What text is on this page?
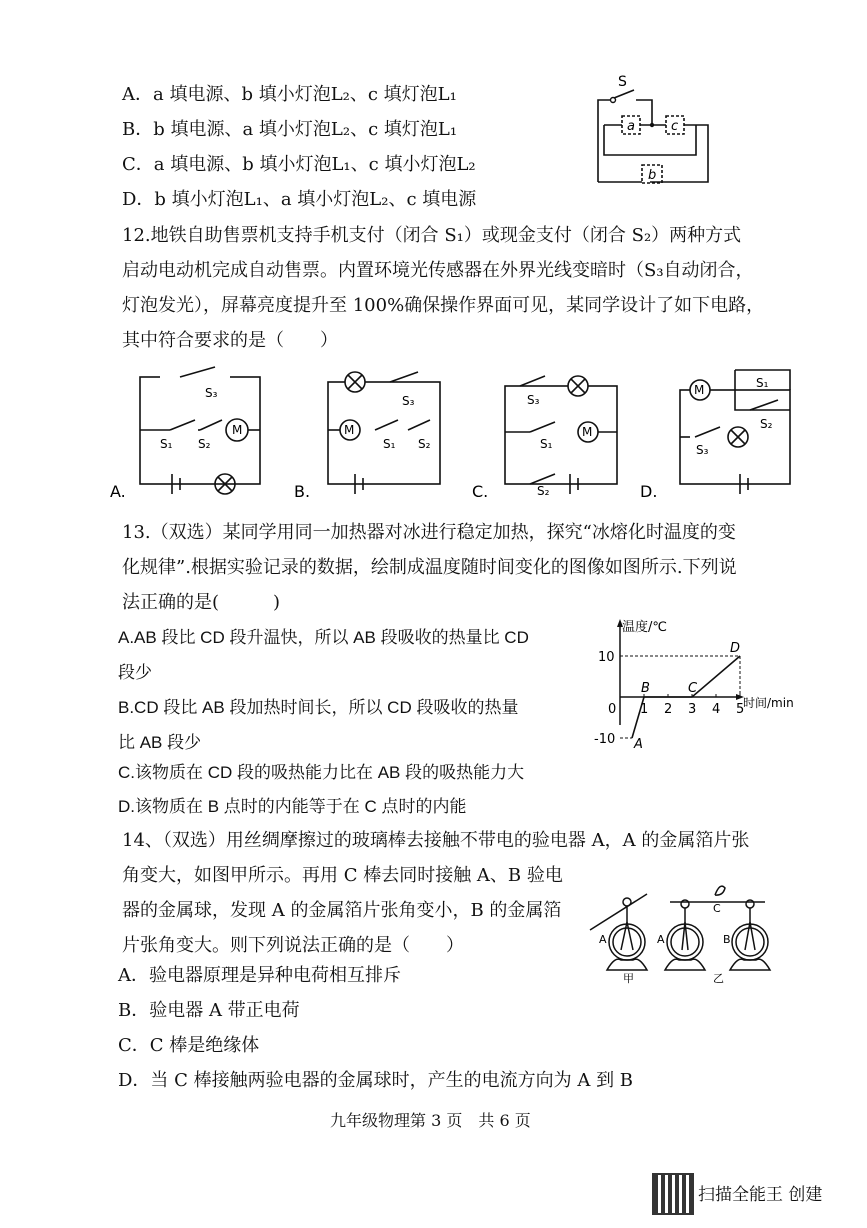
A．a 填电源、b 填小灯泡L₂、c 填灯泡L₁
B．b 填电源、a 填小灯泡L₂、c 填灯泡L₁
C．a 填电源、b 填小灯泡L₁、c 填小灯泡L₂
D．b 填小灯泡L₁、a 填小灯泡L₂、c 填电源
S
a	c
b
12.地铁自助售票机支持手机支付（闭合 S₁）或现金支付（闭合 S₂）两种方式
启动电动机完成自动售票。内置环境光传感器在外界光线变暗时（S₃自动闭合，
灯泡发光），屏幕亮度提升至 100%确保操作界面可见，某同学设计了如下电路，
其中符合要求的是（　　）
S₃
S₁ S₂
M
S₃
M
S₁ S₂
S₃
S₁
M
S₂
M	S₁
S₂
S₃
A.	B.	C.	D.
13.（双选）某同学用同一加热器对冰进行稳定加热，探究“冰熔化时温度的变
化规律”.根据实验记录的数据，绘制成温度随时间变化的图像如图所示.下列说
法正确的是(　　　)
A.AB 段比 CD 段升温快，所以 AB 段吸收的热量比 CD
段少
B.CD 段比 AB 段加热时间长，所以 CD 段吸收的热量
比 AB 段少
C.该物质在 CD 段的吸热能力比在 AB 段的吸热能力大
D.该物质在 B 点时的内能等于在 C 点时的内能
温度/℃
时间/min
0 1 2 3 4 5
10
-10 A
B	C
D
14、（双选）用丝绸摩擦过的玻璃棒去接触不带电的验电器 A，A 的金属箔片张
角变大，如图甲所示。再用 C 棒去同时接触 A、B 验电
器的金属球，发现 A 的金属箔片张角变小，B 的金属箔
片张角变大。则下列说法正确的是（　　）	A	A
C
B
甲	乙
A．验电器原理是异种电荷相互排斥
B．验电器 A 带正电荷
C．C 棒是绝缘体
D．当 C 棒接触两验电器的金属球时，产生的电流方向为 A 到 B
九年级物理第 3 页　共 6 页
扫描全能王 创建
